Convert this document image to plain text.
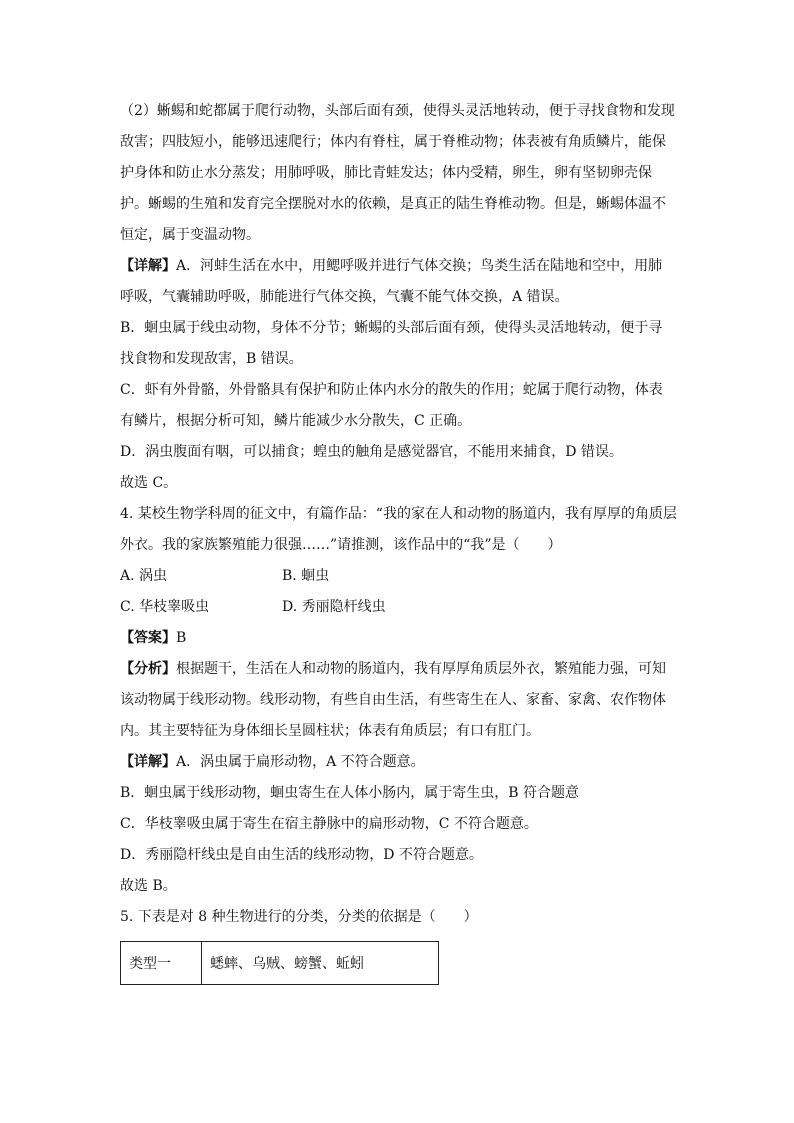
（2）蜥蜴和蛇都属于爬行动物，头部后面有颈，使得头灵活地转动，便于寻找食物和发现
敌害；四肢短小，能够迅速爬行；体内有脊柱，属于脊椎动物；体表被有角质鳞片，能保
护身体和防止水分蒸发；用肺呼吸，肺比青蛙发达；体内受精，卵生，卵有坚韧卵壳保
护。蜥蜴的生殖和发育完全摆脱对水的依赖，是真正的陆生脊椎动物。但是，蜥蜴体温不
恒定，属于变温动物。
【详解】A．河蚌生活在水中，用鳃呼吸并进行气体交换；鸟类生活在陆地和空中，用肺
呼吸，气囊辅助呼吸，肺能进行气体交换，气囊不能气体交换，A 错误。
B．蛔虫属于线虫动物，身体不分节；蜥蜴的头部后面有颈，使得头灵活地转动，便于寻
找食物和发现敌害，B 错误。
C．虾有外骨骼，外骨骼具有保护和防止体内水分的散失的作用；蛇属于爬行动物，体表
有鳞片，根据分析可知，鳞片能减少水分散失，C 正确。
D．涡虫腹面有咽，可以捕食；蝗虫的触角是感觉器官，不能用来捕食，D 错误。
故选 C。
4. 某校生物学科周的征文中，有篇作品：“我的家在人和动物的肠道内，我有厚厚的角质层
外衣。我的家族繁殖能力很强……”请推测，该作品中的“我”是（　　）
A. 涡虫	B. 蛔虫
C. 华枝睾吸虫	D. 秀丽隐杆线虫
【答案】B
【分析】根据题干，生活在人和动物的肠道内，我有厚厚角质层外衣，繁殖能力强，可知
该动物属于线形动物。线形动物，有些自由生活，有些寄生在人、家畜、家禽、农作物体
内。其主要特征为身体细长呈圆柱状；体表有角质层；有口有肛门。
【详解】A．涡虫属于扁形动物，A 不符合题意。
B．蛔虫属于线形动物，蛔虫寄生在人体小肠内，属于寄生虫，B 符合题意
C．华枝睾吸虫属于寄生在宿主静脉中的扁形动物，C 不符合题意。
D．秀丽隐杆线虫是自由生活的线形动物，D 不符合题意。
故选 B。
5. 下表是对 8 种生物进行的分类，分类的依据是（　　）
类型一	蟋蟀、乌贼、螃蟹、蚯蚓
